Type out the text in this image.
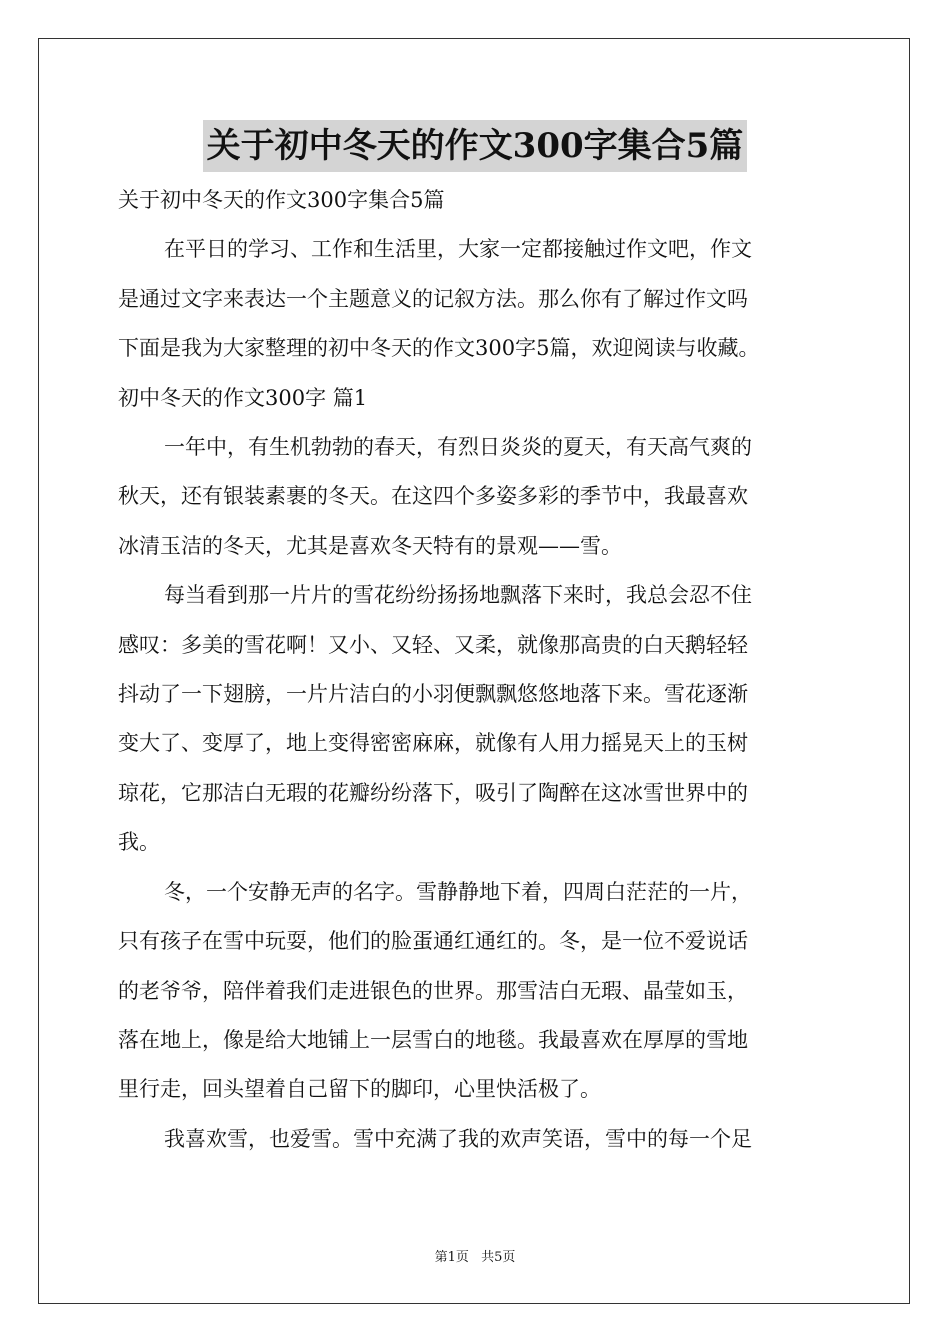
关于初中冬天的作文300字集合5篇
关于初中冬天的作文300字集合5篇
在平日的学习、工作和生活里，大家一定都接触过作文吧，作文
是通过文字来表达一个主题意义的记叙方法。那么你有了解过作文吗
下面是我为大家整理的初中冬天的作文300字5篇，欢迎阅读与收藏。
初中冬天的作文300字 篇1
一年中，有生机勃勃的春天，有烈日炎炎的夏天，有天高气爽的
秋天，还有银装素裹的冬天。在这四个多姿多彩的季节中，我最喜欢
冰清玉洁的冬天，尤其是喜欢冬天特有的景观——雪。
每当看到那一片片的雪花纷纷扬扬地飘落下来时，我总会忍不住
感叹：多美的雪花啊！又小、又轻、又柔，就像那高贵的白天鹅轻轻
抖动了一下翅膀，一片片洁白的小羽便飘飘悠悠地落下来。雪花逐渐
变大了、变厚了，地上变得密密麻麻，就像有人用力摇晃天上的玉树
琼花，它那洁白无瑕的花瓣纷纷落下，吸引了陶醉在这冰雪世界中的
我。
冬，一个安静无声的名字。雪静静地下着，四周白茫茫的一片，
只有孩子在雪中玩耍，他们的脸蛋通红通红的。冬，是一位不爱说话
的老爷爷，陪伴着我们走进银色的世界。那雪洁白无瑕、晶莹如玉，
落在地上，像是给大地铺上一层雪白的地毯。我最喜欢在厚厚的雪地
里行走，回头望着自己留下的脚印，心里快活极了。
我喜欢雪，也爱雪。雪中充满了我的欢声笑语，雪中的每一个足
第1页 共5页
